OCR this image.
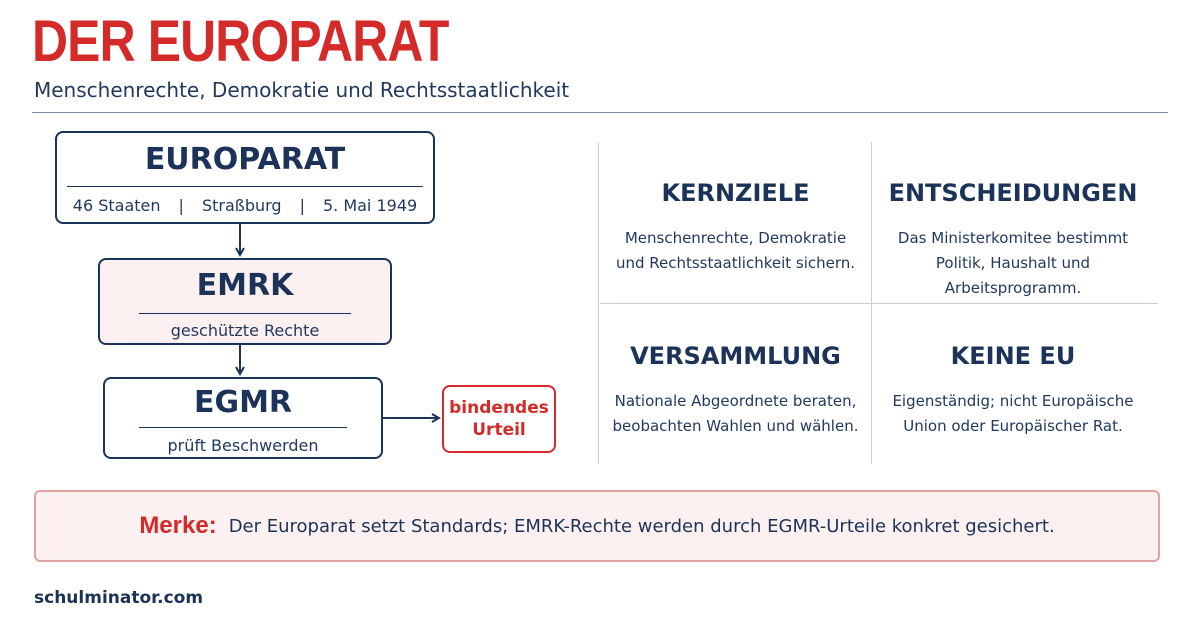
DER EUROPARAT
Menschenrechte, Demokratie und Rechtsstaatlichkeit
EUROPARAT
46 Staaten | Straßburg | 5. Mai 1949
EMRK
geschützte Rechte
EGMR
prüft Beschwerden
bindendes
Urteil
KERNZIELE
Menschenrechte, Demokratie
und Rechtsstaatlichkeit sichern.
ENTSCHEIDUNGEN
Das Ministerkomitee bestimmt
Politik, Haushalt und Arbeitsprogramm.
VERSAMMLUNG
Nationale Abgeordnete beraten,
beobachten Wahlen und wählen.
KEINE EU
Eigenständig; nicht Europäische
Union oder Europäischer Rat.
Merke: Der Europarat setzt Standards; EMRK-Rechte werden durch EGMR-Urteile konkret gesichert.
schulminator.com
